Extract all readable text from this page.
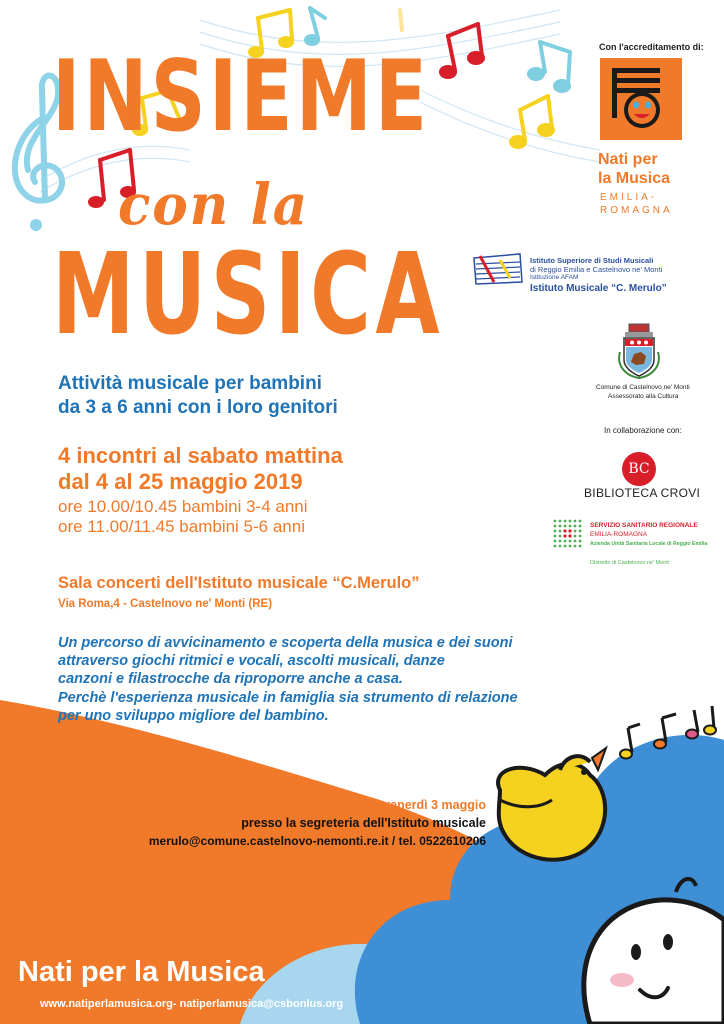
INSIEME
con la
MUSICA
Attività musicale per bambini
da 3 a 6 anni con i loro genitori
4 incontri al sabato mattina
dal 4 al 25 maggio 2019
ore 10.00/10.45 bambini 3-4 anni
ore 11.00/11.45 bambini 5-6 anni
Sala concerti dell'Istituto musicale “C.Merulo”
Via Roma,4 - Castelnovo ne' Monti (RE)
Un percorso di avvicinamento e scoperta della musica e dei suoni
attraverso giochi ritmici e vocali, ascolti musicali, danze
canzoni e filastrocche da riproporre anche a casa.
Perchè l'esperienza musicale in famiglia sia strumento di relazione
per uno sviluppo migliore del bambino.
Informazioni ed iscrizioni entro venerdì 3 maggio
presso la segreteria dell'Istituto musicale
merulo@comune.castelnovo-nemonti.re.it / tel. 0522610206
Con l'accreditamento di:
Nati per
la Musica
EMILIA-
ROMAGNA
Istituto Superiore di Studi Musicali
di Reggio Emilia e Castelnovo ne' Monti
Istituzione AFAM
Istituto Musicale “C. Merulo”
Comune di Castelnovo ne' Monti
Assessorato alla Cultura
In collaborazione con:
BC
BIBLIOTECA CROVI
SERVIZIO SANITARIO REGIONALE
EMILIA-ROMAGNA
Azienda Unità Sanitaria Locale di Reggio Emilia
Distretto di Castelnovo ne' Monti
Nati per la Musica
www.natiperlamusica.org- natiperlamusica@csbonlus.org
